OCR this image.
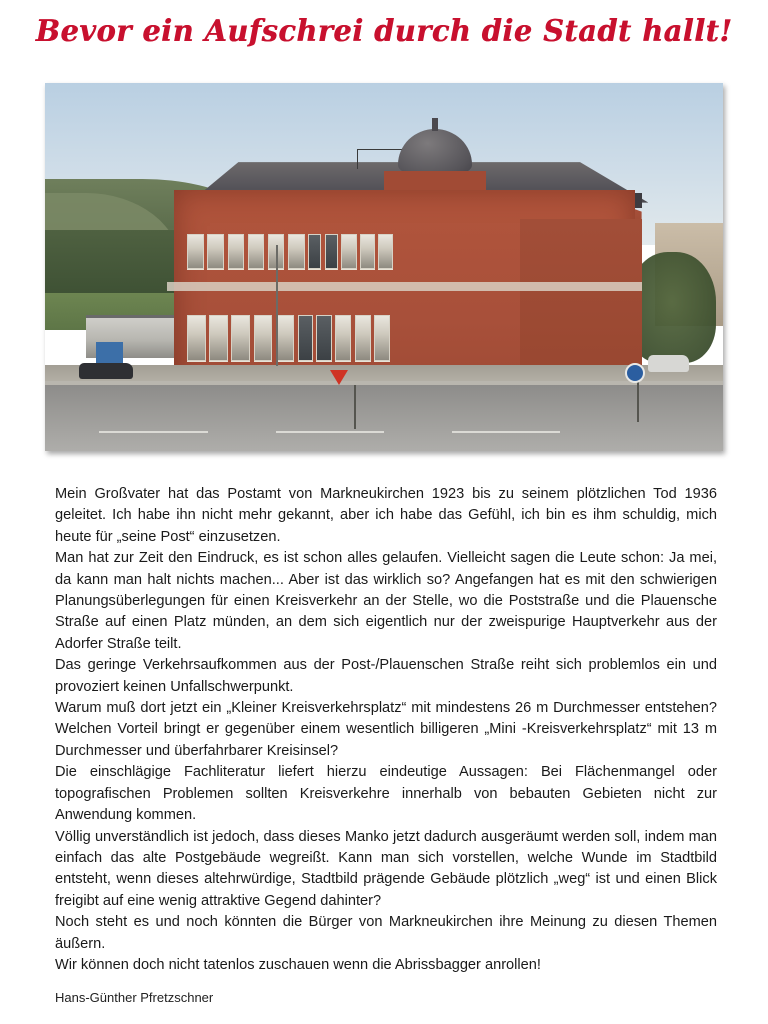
Bevor ein Aufschrei durch die Stadt hallt!

Mein Großvater hat das Postamt von Markneukirchen 1923 bis zu seinem plötzlichen Tod 1936 geleitet. Ich habe ihn nicht mehr gekannt, aber ich habe das Gefühl, ich bin es ihm schuldig, mich heute für „seine Post“ einzusetzen.

Man hat zur Zeit den Eindruck, es ist schon alles gelaufen. Vielleicht sagen die Leute schon: Ja mei, da kann man halt nichts machen... Aber ist das wirklich so? Angefangen hat es mit den schwierigen Planungsüberlegungen für einen Kreisverkehr an der Stelle, wo die Poststraße und die Plauensche Straße auf einen Platz münden, an dem sich eigentlich nur der zweispurige Hauptverkehr aus der Adorfer Straße teilt.

Das geringe Verkehrsaufkommen aus der Post-/Plauenschen Straße reiht sich problemlos ein und provoziert keinen Unfallschwerpunkt.

Warum muß dort jetzt ein „Kleiner Kreisverkehrsplatz“ mit mindestens 26 m Durchmesser entstehen? Welchen Vorteil bringt er gegenüber einem wesentlich billigeren „Mini -Kreisverkehrsplatz“ mit 13 m Durchmesser und überfahrbarer Kreisinsel?

Die einschlägige Fachliteratur liefert hierzu eindeutige Aussagen: Bei Flächenmangel oder topografischen Problemen sollten Kreisverkehre innerhalb von bebauten Gebieten nicht zur Anwendung kommen.

Völlig unverständlich ist jedoch, dass dieses Manko jetzt dadurch ausgeräumt werden soll, indem man einfach das alte Postgebäude wegreißt. Kann man sich vorstellen, welche Wunde im Stadtbild entsteht, wenn dieses altehrwürdige, Stadtbild prägende Gebäude plötzlich „weg“ ist und einen Blick freigibt auf eine wenig attraktive Gegend dahinter?

Noch steht es und noch könnten die Bürger von Markneukirchen ihre Meinung zu diesen Themen äußern.

Wir können doch nicht tatenlos zuschauen wenn die Abrissbagger anrollen!

Hans-Günther Pfretzschner
